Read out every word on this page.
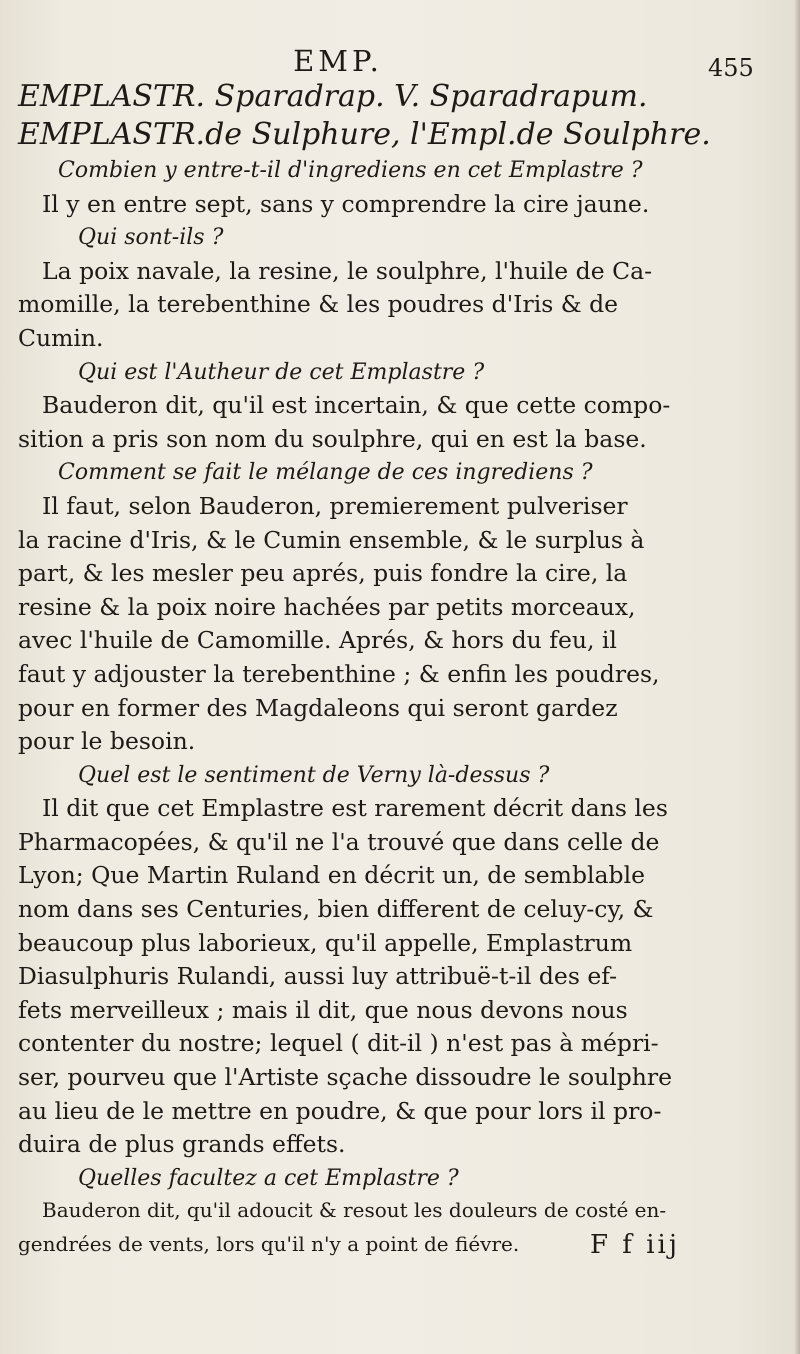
EMP.	455
EMPLASTR. Sparadrap. V. Sparadrapum.
EMPLASTR.de Sulphure, l'Empl.de Soulphre.
Combien y entre-t-il d'ingrediens en cet Emplastre ?
Il y en entre sept, sans y comprendre la cire jaune.
Qui sont-ils ?
La poix navale, la resine, le soulphre, l'huile de Ca-
momille, la terebenthine & les poudres d'Iris & de
Cumin.
Qui est l'Autheur de cet Emplastre ?
Bauderon dit, qu'il est incertain, & que cette compo-
sition a pris son nom du soulphre, qui en est la base.
Comment se fait le mélange de ces ingrediens ?
Il faut, selon Bauderon, premierement pulveriser
la racine d'Iris, & le Cumin ensemble, & le surplus à
part, & les mesler peu aprés, puis fondre la cire, la
resine & la poix noire hachées par petits morceaux,
avec l'huile de Camomille. Aprés, & hors du feu, il
faut y adjouster la terebenthine ; & enfin les poudres,
pour en former des Magdaleons qui seront gardez
pour le besoin.
Quel est le sentiment de Verny là-dessus ?
Il dit que cet Emplastre est rarement décrit dans les
Pharmacopées, & qu'il ne l'a trouvé que dans celle de
Lyon; Que Martin Ruland en décrit un, de semblable
nom dans ses Centuries, bien different de celuy-cy, &
beaucoup plus laborieux, qu'il appelle, Emplastrum
Diasulphuris Rulandi, aussi luy attribuë-t-il des ef-
fets merveilleux ; mais il dit, que nous devons nous
contenter du nostre; lequel ( dit-il ) n'est pas à mépri-
ser, pourveu que l'Artiste sçache dissoudre le soulphre
au lieu de le mettre en poudre, & que pour lors il pro-
duira de plus grands effets.
Quelles facultez a cet Emplastre ?
Bauderon dit, qu'il adoucit & resout les douleurs de costé en-
gendrées de vents, lors qu'il n'y a point de fiévre.	F f iij
